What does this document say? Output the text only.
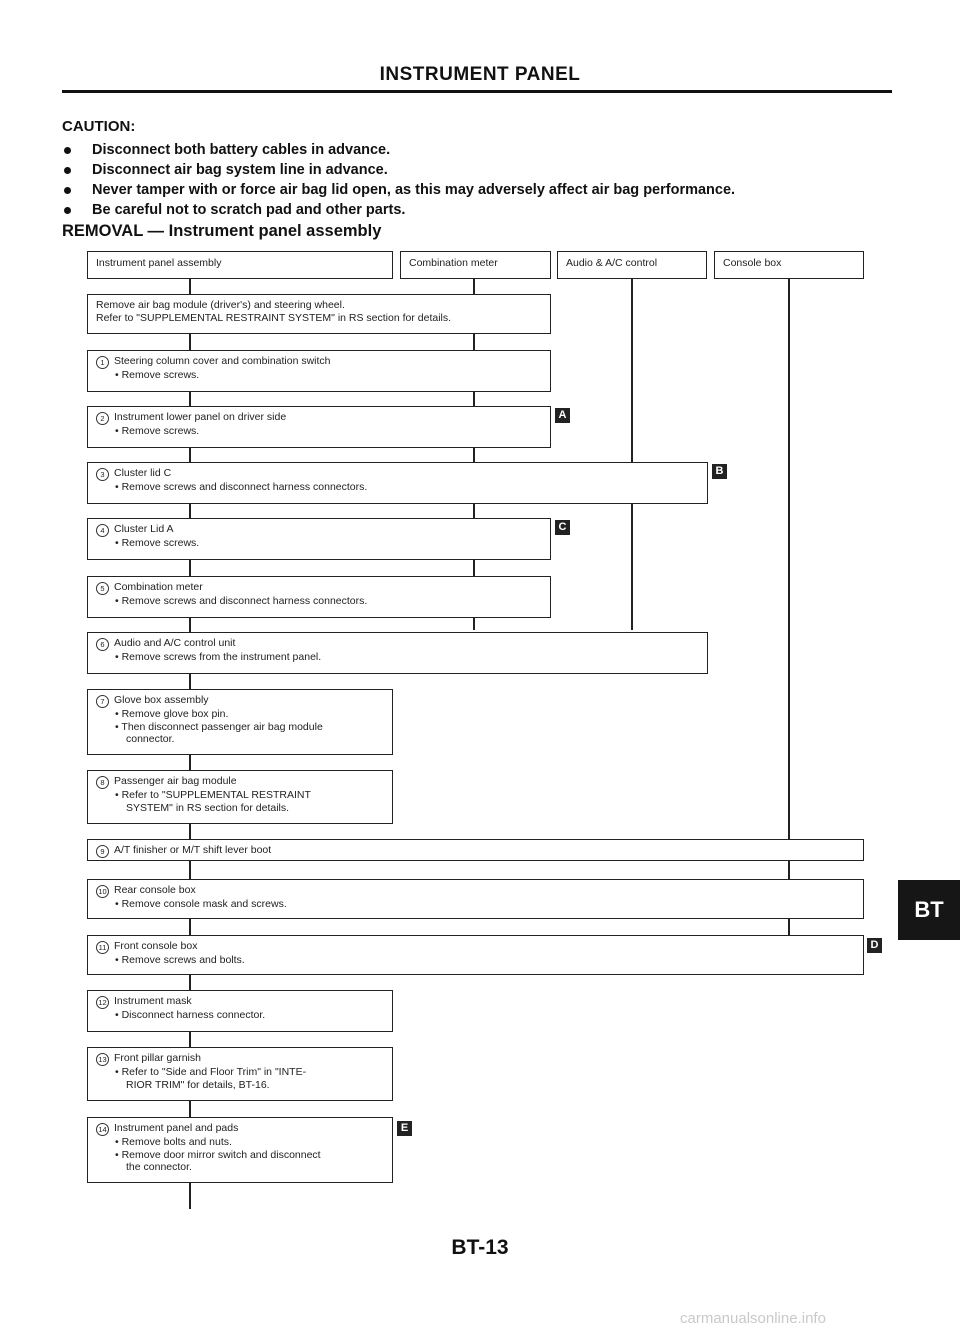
INSTRUMENT PANEL
CAUTION:
Disconnect both battery cables in advance.
Disconnect air bag system line in advance.
Never tamper with or force air bag lid open, as this may adversely affect air bag performance.
Be careful not to scratch pad and other parts.
REMOVAL — Instrument panel assembly
Instrument panel assembly	Combination meter	Audio & A/C control	Console box
Remove air bag module (driver's) and steering wheel.
Refer to "SUPPLEMENTAL RESTRAINT SYSTEM" in RS section for details.
1 Steering column cover and combination switch
• Remove screws.
2 Instrument lower panel on driver side
• Remove screws.
3 Cluster lid C
• Remove screws and disconnect harness connectors.
4 Cluster Lid A
• Remove screws.
5 Combination meter
• Remove screws and disconnect harness connectors.
6 Audio and A/C control unit
• Remove screws from the instrument panel.
7 Glove box assembly
• Remove glove box pin.
• Then disconnect passenger air bag module
connector.
8 Passenger air bag module
• Refer to "SUPPLEMENTAL RESTRAINT
SYSTEM" in RS section for details.
9 A/T finisher or M/T shift lever boot
10 Rear console box
• Remove console mask and screws.
11 Front console box
• Remove screws and bolts.
12 Instrument mask
• Disconnect harness connector.
13 Front pillar garnish
• Refer to "Side and Floor Trim" in "INTE-
RIOR TRIM" for details, BT-16.
14 Instrument panel and pads
• Remove bolts and nuts.
• Remove door mirror switch and disconnect
the connector.
A
B
C
D
E
BT
BT-13
carmanualsonline.info
